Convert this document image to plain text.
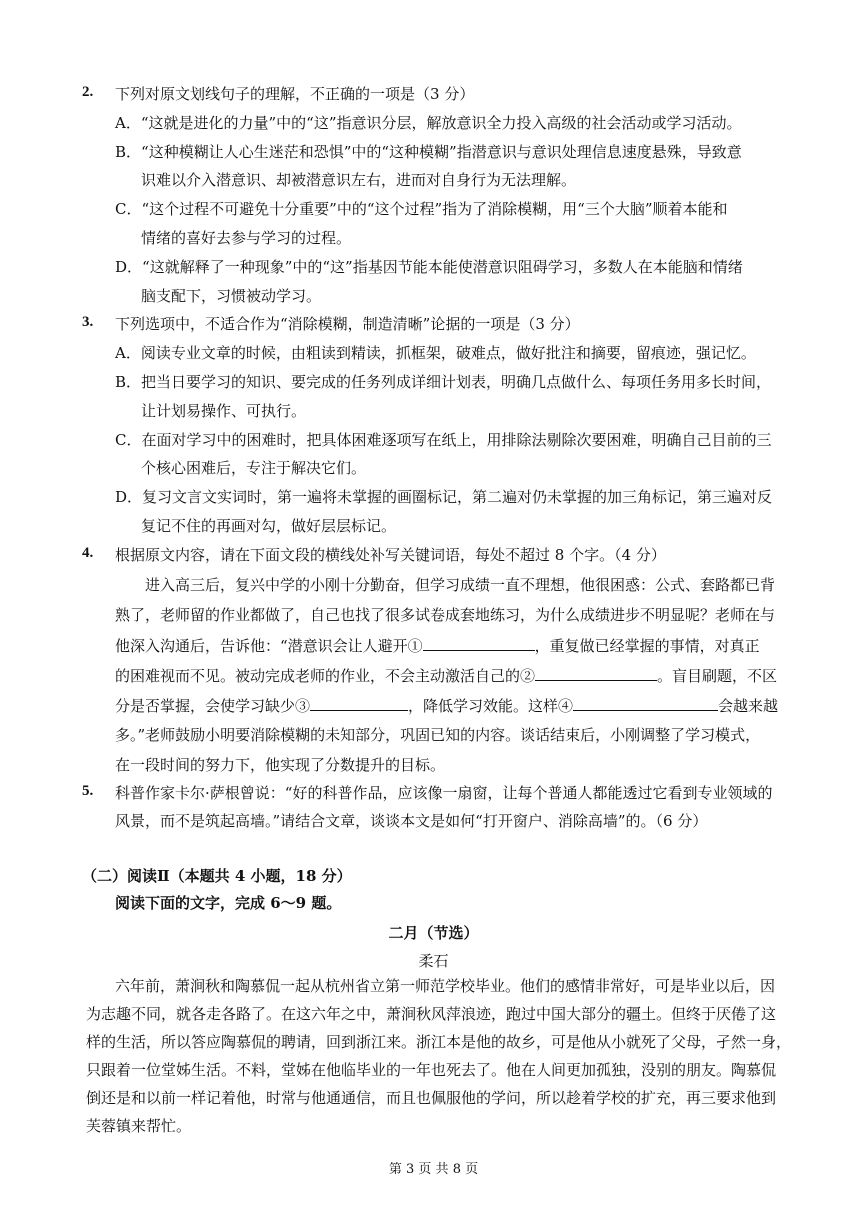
2. 下列对原文划线句子的理解，不正确的一项是（3 分）
A．“这就是进化的力量”中的“这”指意识分层，解放意识全力投入高级的社会活动或学习活动。
B．“这种模糊让人心生迷茫和恐惧”中的“这种模糊”指潜意识与意识处理信息速度悬殊，导致意
识难以介入潜意识、却被潜意识左右，进而对自身行为无法理解。
C．“这个过程不可避免十分重要”中的“这个过程”指为了消除模糊，用“三个大脑”顺着本能和
情绪的喜好去参与学习的过程。
D．“这就解释了一种现象”中的“这”指基因节能本能使潜意识阻碍学习，多数人在本能脑和情绪
脑支配下，习惯被动学习。
3. 下列选项中，不适合作为“消除模糊，制造清晰”论据的一项是（3 分）
A．阅读专业文章的时候，由粗读到精读，抓框架，破难点，做好批注和摘要，留痕迹，强记忆。
B．把当日要学习的知识、要完成的任务列成详细计划表，明确几点做什么、每项任务用多长时间，
让计划易操作、可执行。
C．在面对学习中的困难时，把具体困难逐项写在纸上，用排除法剔除次要困难，明确自己目前的三
个核心困难后，专注于解决它们。
D．复习文言文实词时，第一遍将未掌握的画圈标记，第二遍对仍未掌握的加三角标记，第三遍对反
复记不住的再画对勾，做好层层标记。
4. 根据原文内容，请在下面文段的横线处补写关键词语，每处不超过 8 个字。（4 分）
进入高三后，复兴中学的小刚十分勤奋，但学习成绩一直不理想，他很困惑：公式、套路都已背
熟了，老师留的作业都做了，自己也找了很多试卷成套地练习，为什么成绩进步不明显呢？老师在与
他深入沟通后，告诉他：“潜意识会让人避开①	，重复做已经掌握的事情，对真正
的困难视而不见。被动完成老师的作业，不会主动激活自己的②	。盲目刷题，不区
分是否掌握，会使学习缺少③	，降低学习效能。这样④	会越来越
多。”老师鼓励小明要消除模糊的未知部分，巩固已知的内容。谈话结束后，小刚调整了学习模式，
在一段时间的努力下，他实现了分数提升的目标。
5. 科普作家卡尔·萨根曾说：“好的科普作品，应该像一扇窗，让每个普通人都能透过它看到专业领域的
风景，而不是筑起高墙。”请结合文章，谈谈本文是如何“打开窗户、消除高墙”的。（6 分）
（二）阅读Ⅱ（本题共 4 小题，18 分）
阅读下面的文字，完成 6～9 题。
二月（节选）
柔石
六年前，萧涧秋和陶慕侃一起从杭州省立第一师范学校毕业。他们的感情非常好，可是毕业以后，因
为志趣不同，就各走各路了。在这六年之中，萧涧秋风萍浪迹，跑过中国大部分的疆土。但终于厌倦了这
样的生活，所以答应陶慕侃的聘请，回到浙江来。浙江本是他的故乡，可是他从小就死了父母，孑然一身，
只跟着一位堂姊生活。不料，堂姊在他临毕业的一年也死去了。他在人间更加孤独，没别的朋友。陶慕侃
倒还是和以前一样记着他，时常与他通通信，而且也佩服他的学问，所以趁着学校的扩充，再三要求他到
芙蓉镇来帮忙。
第 3 页 共 8 页
